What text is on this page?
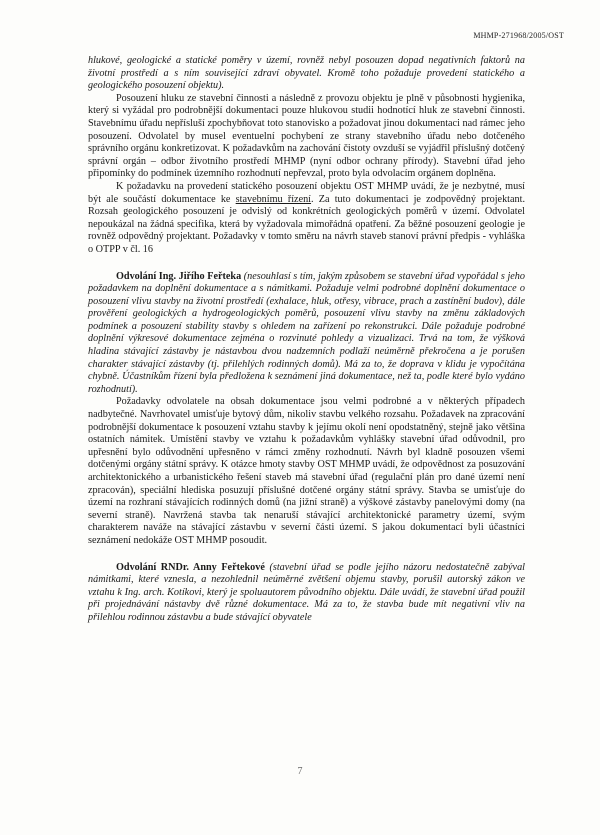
MHMP-271968/2005/OST

hlukové, geologické a statické poměry v území, rovněž nebyl posouzen dopad negativních faktorů na životní prostředí a s ním související zdraví obyvatel. Kromě toho požaduje provedení statického a geologického posouzení objektu).

Posouzení hluku ze stavební činnosti a následně z provozu objektu je plně v působnosti hygienika, který si vyžádal pro podrobnější dokumentaci pouze hlukovou studii hodnotící hluk ze stavební činnosti. Stavebnímu úřadu nepřísluší zpochybňovat toto stanovisko a požadovat jinou dokumentaci nad rámec jeho posouzení. Odvolatel by musel eventuelní pochybení ze strany stavebního úřadu nebo dotčeného správního orgánu konkretizovat. K požadavkům na zachování čistoty ovzduší se vyjádřil příslušný dotčený správní orgán – odbor životního prostředí MHMP (nyní odbor ochrany přírody). Stavební úřad jeho připomínky do podmínek územního rozhodnutí nepřevzal, proto byla odvolacím orgánem doplněna.

K požadavku na provedení statického posouzení objektu OST MHMP uvádí, že je nezbytné, musí být ale součástí dokumentace ke stavebnímu řízení. Za tuto dokumentaci je zodpovědný projektant. Rozsah geologického posouzení je odvislý od konkrétních geologických poměrů v území. Odvolatel nepoukázal na žádná specifika, která by vyžadovala mimořádná opatření. Za běžné posouzení geologie je rovněž odpovědný projektant. Požadavky v tomto směru na návrh staveb stanoví právní předpis - vyhláška o OTPP v čl. 16

Odvolání Ing. Jiřího Feřteka (nesouhlasí s tím, jakým způsobem se stavební úřad vypořádal s jeho požadavkem na doplnění dokumentace a s námitkami. Požaduje velmi podrobné doplnění dokumentace o posouzení vlivu stavby na životní prostředí (exhalace, hluk, otřesy, vibrace, prach a zastínění budov), dále prověření geologických a hydrogeologických poměrů, posouzení vlivu stavby na změnu základových podmínek a posouzení stability stavby s ohledem na zařízení po rekonstrukci. Dále požaduje podrobné doplnění výkresové dokumentace zejména o rozvinuté pohledy a vizualizaci. Trvá na tom, že výšková hladina stávající zástavby je nástavbou dvou nadzemních podlaží neúměrně překročena a je porušen charakter stávající zástavby (tj. přilehlých rodinných domů). Má za to, že doprava v klidu je vypočítána chybně. Účastníkům řízení byla předložena k seznámení jiná dokumentace, než ta, podle které bylo vydáno rozhodnutí).

Požadavky odvolatele na obsah dokumentace jsou velmi podrobné a v některých případech nadbytečné. Navrhovatel umisťuje bytový dům, nikoliv stavbu velkého rozsahu. Požadavek na zpracování podrobnější dokumentace k posouzení vztahu stavby k jejímu okolí není opodstatněný, stejně jako většina ostatních námitek. Umístění stavby ve vztahu k požadavkům vyhlášky stavební úřad odůvodnil, pro upřesnění bylo odůvodnění upřesněno v rámci změny rozhodnutí. Návrh byl kladně posouzen všemi dotčenými orgány státní správy. K otázce hmoty stavby OST MHMP uvádí, že odpovědnost za posuzování architektonického a urbanistického řešení staveb má stavební úřad (regulační plán pro dané území není zpracován), speciální hlediska posuzují příslušné dotčené orgány státní správy. Stavba se umisťuje do území na rozhraní stávajících rodinných domů (na jižní straně) a výškové zástavby panelovými domy (na severní straně). Navržená stavba tak nenaruší stávající architektonické parametry území, svým charakterem naváže na stávající zástavbu v severní části území. S jakou dokumentací byli účastníci seznámení nedokáže OST MHMP posoudit.

Odvolání RNDr. Anny Feřtekové (stavební úřad se podle jejího názoru nedostatečně zabýval námitkami, které vznesla, a nezohlednil neúměrné zvětšení objemu stavby, porušil autorský zákon ve vztahu k Ing. arch. Kotíkovi, který je spoluautorem původního objektu. Dále uvádí, že stavební úřad použil při projednávání nástavby dvě různé dokumentace. Má za to, že stavba bude mít negativní vliv na přilehlou rodinnou zástavbu a bude stávající obyvatele

7
